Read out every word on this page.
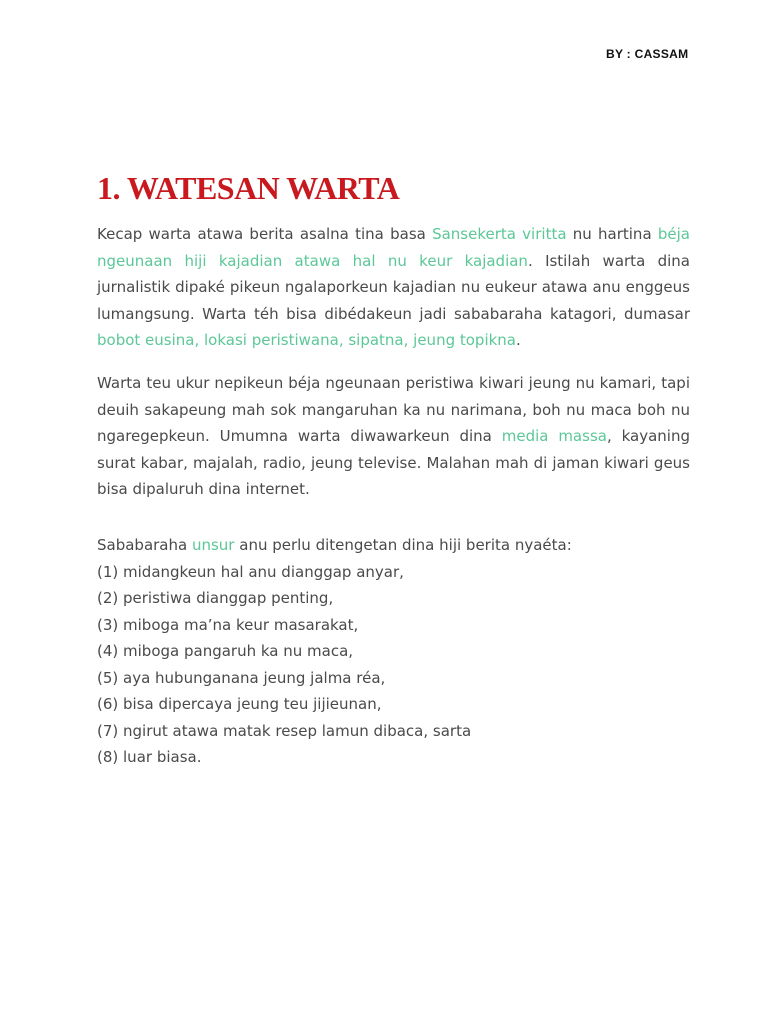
BY : CASSAM
1. WATESAN WARTA

Kecap warta atawa berita asalna tina basa Sansekerta viritta nu hartina béja ngeunaan hiji kajadian atawa hal nu keur kajadian. Istilah warta dina jurnalistik dipaké pikeun ngalaporkeun kajadian nu eukeur atawa anu enggeus lumangsung. Warta téh bisa dibédakeun jadi sababaraha katagori, dumasar bobot eusina, lokasi peristiwana, sipatna, jeung topikna.

Warta teu ukur nepikeun béja ngeunaan peristiwa kiwari jeung nu kamari, tapi deuih sakapeung mah sok mangaruhan ka nu narimana, boh nu maca boh nu ngaregepkeun. Umumna warta diwawarkeun dina media massa, kayaning surat kabar, majalah, radio, jeung televise. Malahan mah di jaman kiwari geus bisa dipaluruh dina internet.

Sababaraha unsur anu perlu ditengetan dina hiji berita nyaéta:
(1) midangkeun hal anu dianggap anyar,
(2) peristiwa dianggap penting,
(3) miboga ma’na keur masarakat,
(4) miboga pangaruh ka nu maca,
(5) aya hubunganana jeung jalma réa,
(6) bisa dipercaya jeung teu jijieunan,
(7) ngirut atawa matak resep lamun dibaca, sarta
(8) luar biasa.
